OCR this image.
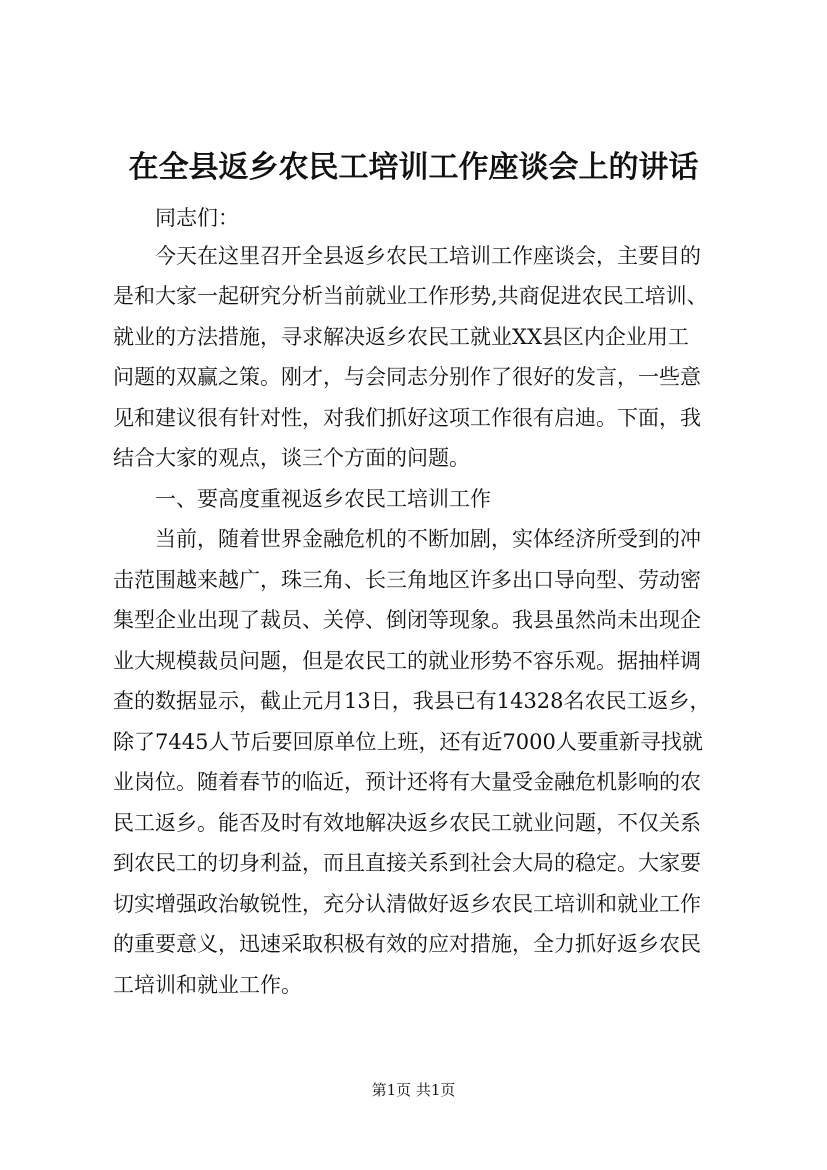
在全县返乡农民工培训工作座谈会上的讲话

同志们：

今天在这里召开全县返乡农民工培训工作座谈会，主要目的

是和大家一起研究分析当前就业工作形势,共商促进农民工培训、

就业的方法措施，寻求解决返乡农民工就业XX县区内企业用工

问题的双赢之策。刚才，与会同志分别作了很好的发言，一些意

见和建议很有针对性，对我们抓好这项工作很有启迪。下面，我

结合大家的观点，谈三个方面的问题。

一、要高度重视返乡农民工培训工作

当前，随着世界金融危机的不断加剧，实体经济所受到的冲

击范围越来越广，珠三角、长三角地区许多出口导向型、劳动密

集型企业出现了裁员、关停、倒闭等现象。我县虽然尚未出现企

业大规模裁员问题，但是农民工的就业形势不容乐观。据抽样调

查的数据显示，截止元月13日，我县已有14328名农民工返乡，

除了7445人节后要回原单位上班，还有近7000人要重新寻找就

业岗位。随着春节的临近，预计还将有大量受金融危机影响的农

民工返乡。能否及时有效地解决返乡农民工就业问题，不仅关系

到农民工的切身利益，而且直接关系到社会大局的稳定。大家要

切实增强政治敏锐性，充分认清做好返乡农民工培训和就业工作

的重要意义，迅速采取积极有效的应对措施，全力抓好返乡农民

工培训和就业工作。

第1页 共1页
